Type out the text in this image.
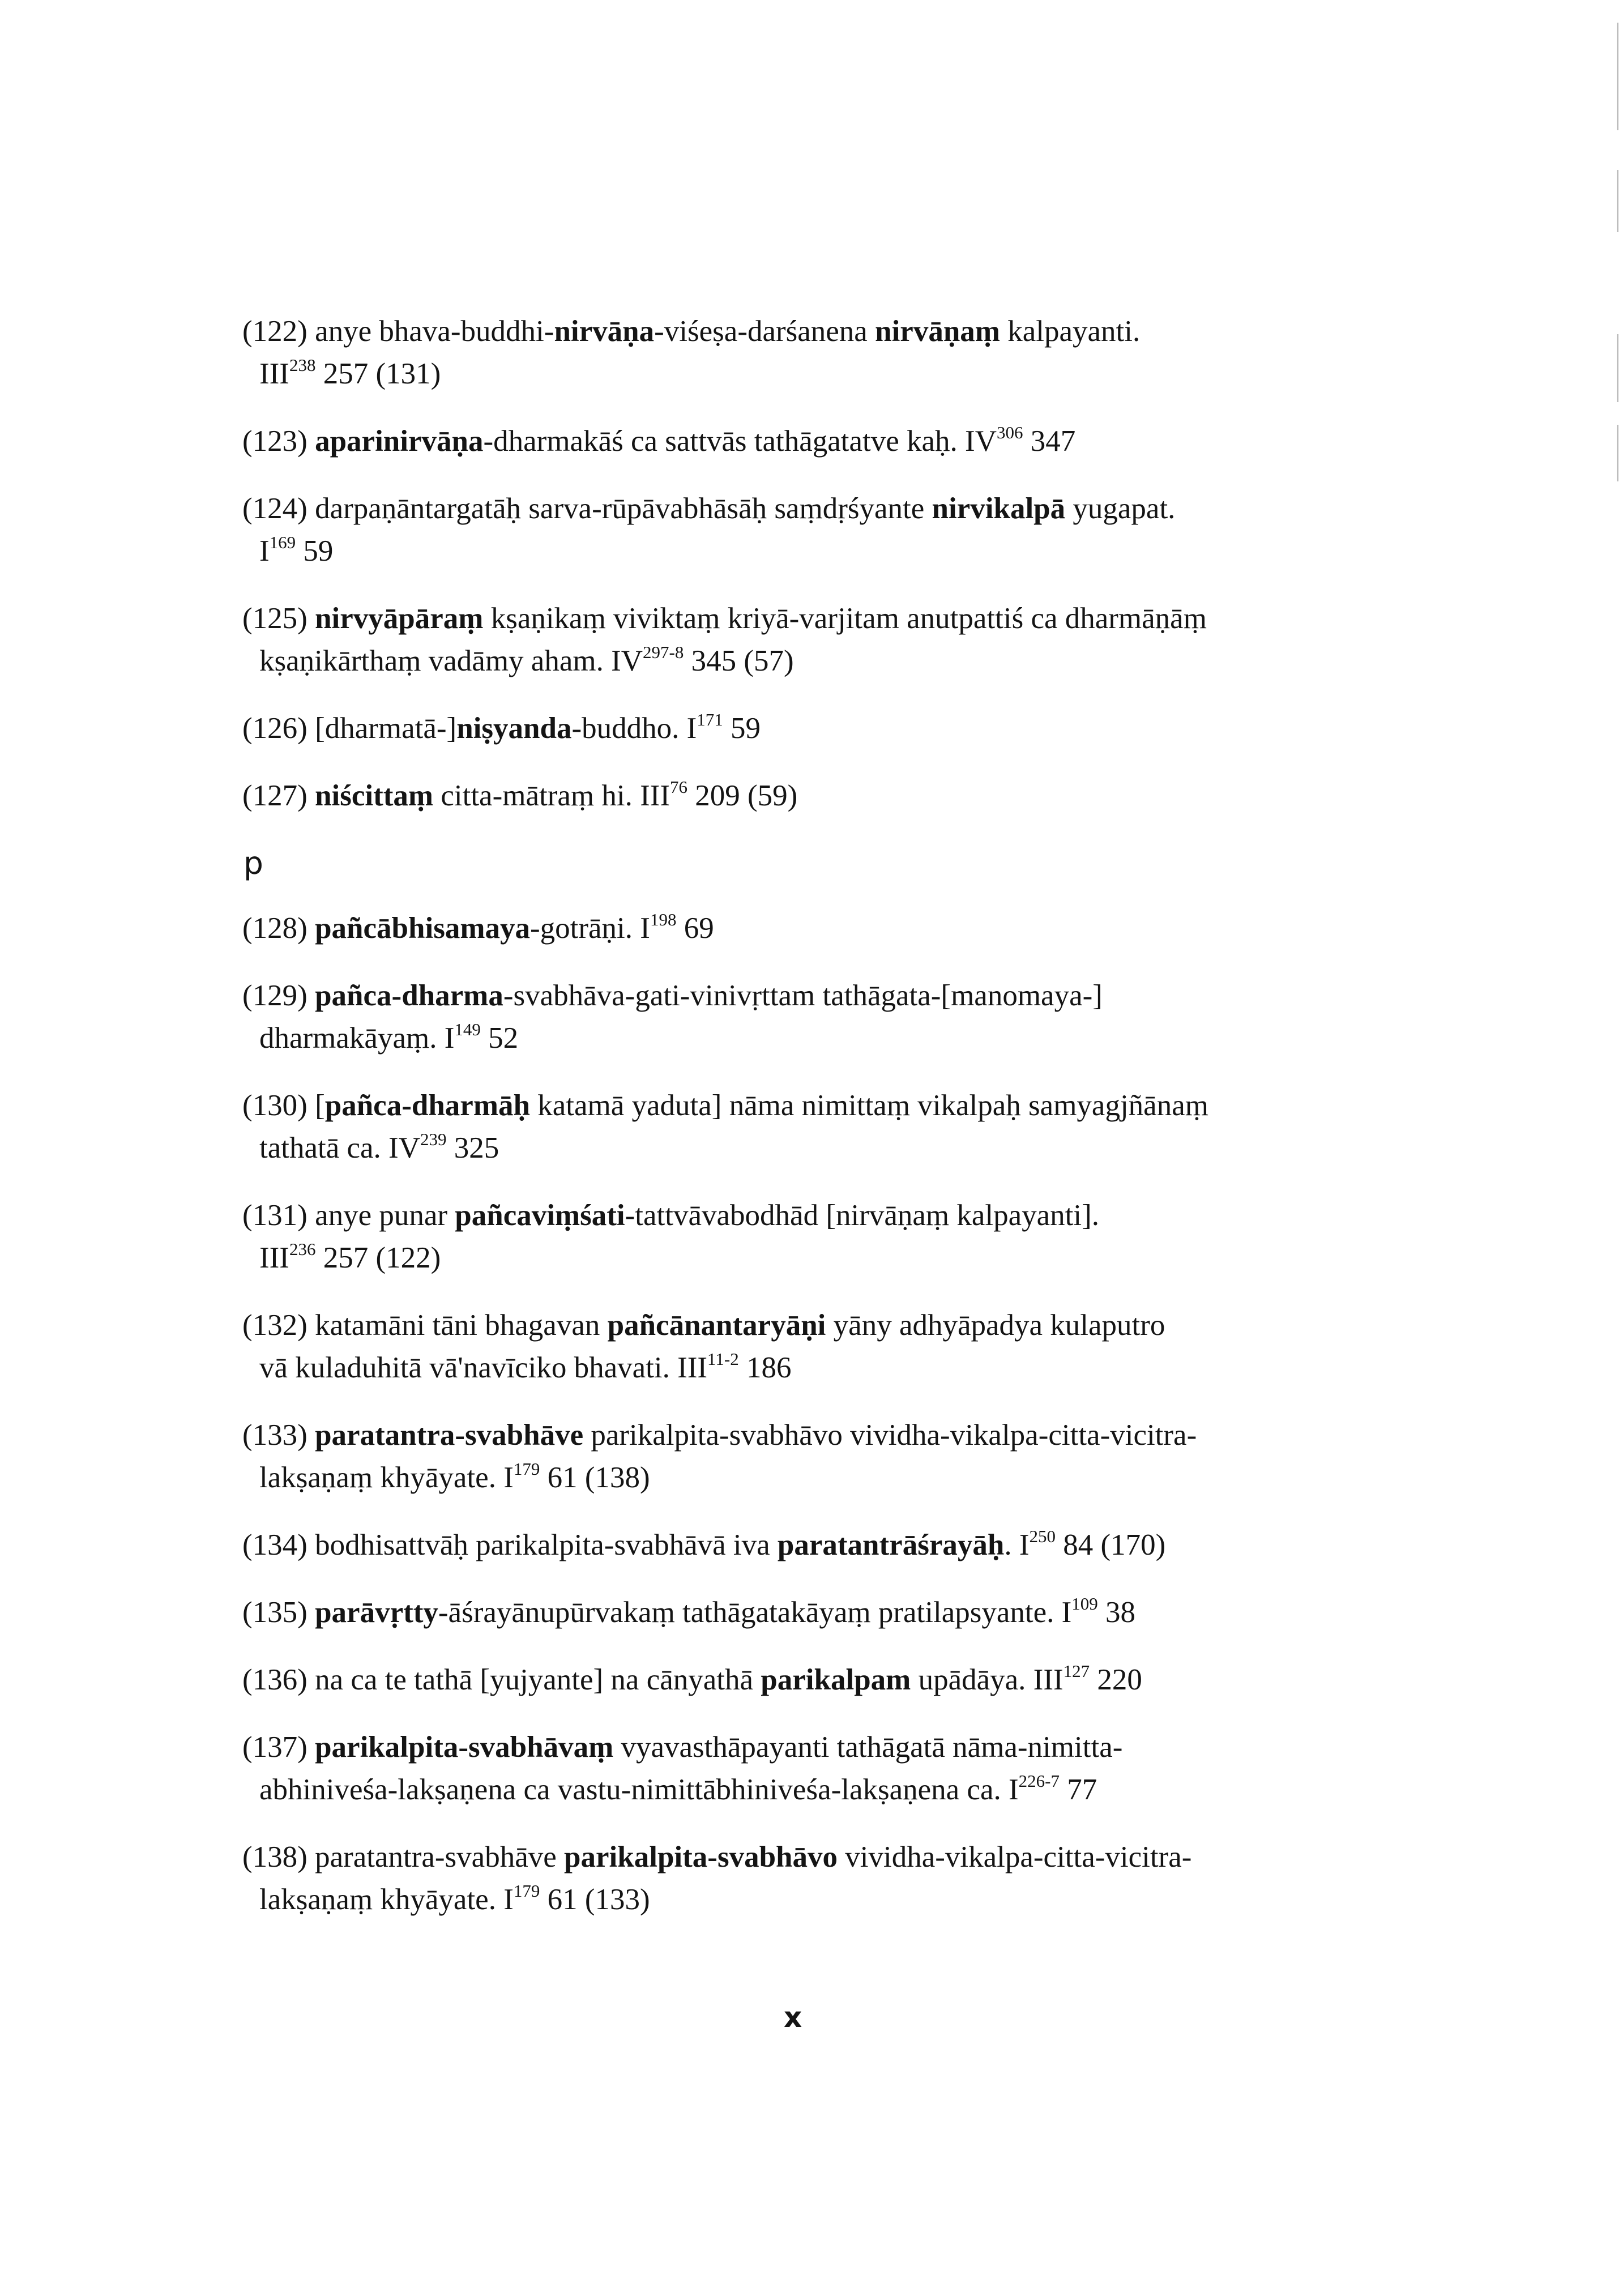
(122) anye bhava-buddhi-nirvāṇa-viśeṣa-darśanena nirvāṇaṃ kalpayanti.
III$^{238}$ 257 (131)
(123) aparinirvāṇa-dharmakāś ca sattvās tathāgatatve kaḥ. IV$^{306}$ 347
(124) darpaṇāntargatāḥ sarva-rūpāvabhāsāḥ saṃdṛśyante nirvikalpā yugapat.
$I^{169}$ 59
(125) nirvyāpāraṃ kṣaṇikaṃ viviktaṃ kriyā-varjitam anutpattiś ca dharmāṇāṃ
kṣaṇikārthaṃ vadāmy aham. IV$^{297-8}$ 345 (57)
(126) [dharmatā-]niṣyanda-buddho. $I^{171}$ 59
(127) niścittaṃ citta-mātraṃ hi. III$^{76}$ 209 (59)
p
(128) pañcābhisamaya-gotrāṇi. $I^{198}$ 69
(129) pañca-dharma-svabhāva-gati-vinivṛttam tathāgata-[manomaya-]
dharmakāyaṃ. $I^{149}$ 52
(130) [pañca-dharmāḥ katamā yaduta] nāma nimittaṃ vikalpaḥ samyagjñānaṃ
tathatā ca. IV$^{239}$ 325
(131) anye punar pañcaviṃśati-tattvāvabodhād [nirvāṇaṃ kalpayanti].
III$^{236}$ 257 (122)
(132) katamāni tāni bhagavan pañcānantaryāṇi yāny adhyāpadya kulaputro
vā kuladuhitā vā'navīciko bhavati. III$^{11-2}$ 186
(133) paratantra-svabhāve parikalpita-svabhāvo vividha-vikalpa-citta-vicitra-
lakṣaṇaṃ khyāyate. $I^{179}$ 61 (138)
(134) bodhisattvāḥ parikalpita-svabhāvā iva paratantrāśrayāḥ. $I^{250}$ 84 (170)
(135) parāvṛtty-āśrayānupūrvakaṃ tathāgatakāyaṃ pratilapsyante. $I^{109}$ 38
(136) na ca te tathā [yujyante] na cānyathā parikalpam upādāya. III$^{127}$ 220
(137) parikalpita-svabhāvaṃ vyavasthāpayanti tathāgatā nāma-nimitta-
abhiniveśa-lakṣaṇena ca vastu-nimittābhiniveśa-lakṣaṇena ca. $I^{226-7}$ 77
(138) paratantra-svabhāve parikalpita-svabhāvo vividha-vikalpa-citta-vicitra-
lakṣaṇaṃ khyāyate. $I^{179}$ 61 (133)
x
